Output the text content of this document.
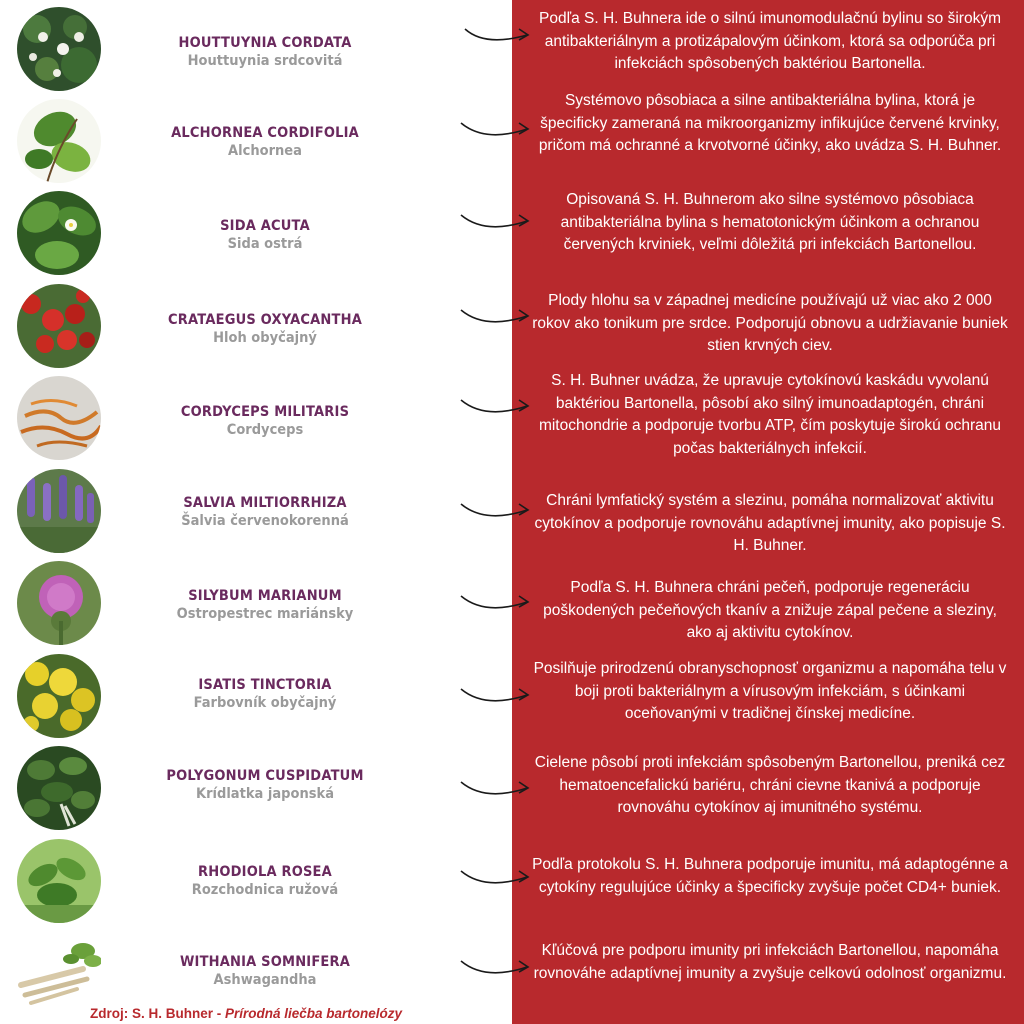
HOUTTUYNIA CORDATA
Houttuynia srdcovitá
Podľa S. H. Buhnera ide o silnú imunomodulačnú bylinu so širokým antibakteriálnym a protizápalovým účinkom, ktorá sa odporúča pri infekciách spôsobených baktériou Bartonella.
ALCHORNEA CORDIFOLIA
Alchornea
Systémovo pôsobiaca a silne antibakteriálna bylina, ktorá je špecificky zameraná na mikroorganizmy infikujúce červené krvinky, pričom má ochranné a krvotvorné účinky, ako uvádza S. H. Buhner.
SIDA ACUTA
Sida ostrá
Opisovaná S. H. Buhnerom ako silne systémovo pôsobiaca antibakteriálna bylina s hematotonickým účinkom a ochranou červených krviniek, veľmi dôležitá pri infekciách Bartonellou.
CRATAEGUS OXYACANTHA
Hloh obyčajný
Plody hlohu sa v západnej medicíne používajú už viac ako 2 000 rokov ako tonikum pre srdce. Podporujú obnovu a udržiavanie buniek stien krvných ciev.
CORDYCEPS MILITARIS
Cordyceps
S. H. Buhner uvádza, že upravuje cytokínovú kaskádu vyvolanú baktériou Bartonella, pôsobí ako silný imunoadaptogén, chráni mitochondrie a podporuje tvorbu ATP, čím poskytuje širokú ochranu počas bakteriálnych infekcií.
SALVIA MILTIORRHIZA
Šalvia červenokorenná
Chráni lymfatický systém a slezinu, pomáha normalizovať aktivitu cytokínov a podporuje rovnováhu adaptívnej imunity, ako popisuje S. H. Buhner.
SILYBUM MARIANUM
Ostropestrec mariánsky
Podľa S. H. Buhnera chráni pečeň, podporuje regeneráciu poškodených pečeňových tkanív a znižuje zápal pečene a sleziny, ako aj aktivitu cytokínov.
ISATIS TINCTORIA
Farbovník obyčajný
Posilňuje prirodzenú obranyschopnosť organizmu a napomáha telu v boji proti bakteriálnym a vírusovým infekciám, s účinkami oceňovanými v tradičnej čínskej medicíne.
POLYGONUM CUSPIDATUM
Krídlatka japonská
Cielene pôsobí proti infekciám spôsobeným Bartonellou, preniká cez hematoencefalickú bariéru, chráni cievne tkanivá a podporuje rovnováhu cytokínov aj imunitného systému.
RHODIOLA ROSEA
Rozchodnica ružová
Podľa protokolu S. H. Buhnera podporuje imunitu, má adaptogénne a cytokíny regulujúce účinky a špecificky zvyšuje počet CD4+ buniek.
WITHANIA SOMNIFERA
Ashwagandha
Kľúčová pre podporu imunity pri infekciách Bartonellou, napomáha rovnováhe adaptívnej imunity a zvyšuje celkovú odolnosť organizmu.
Zdroj: S. H. Buhner - Prírodná liečba bartonelózy
